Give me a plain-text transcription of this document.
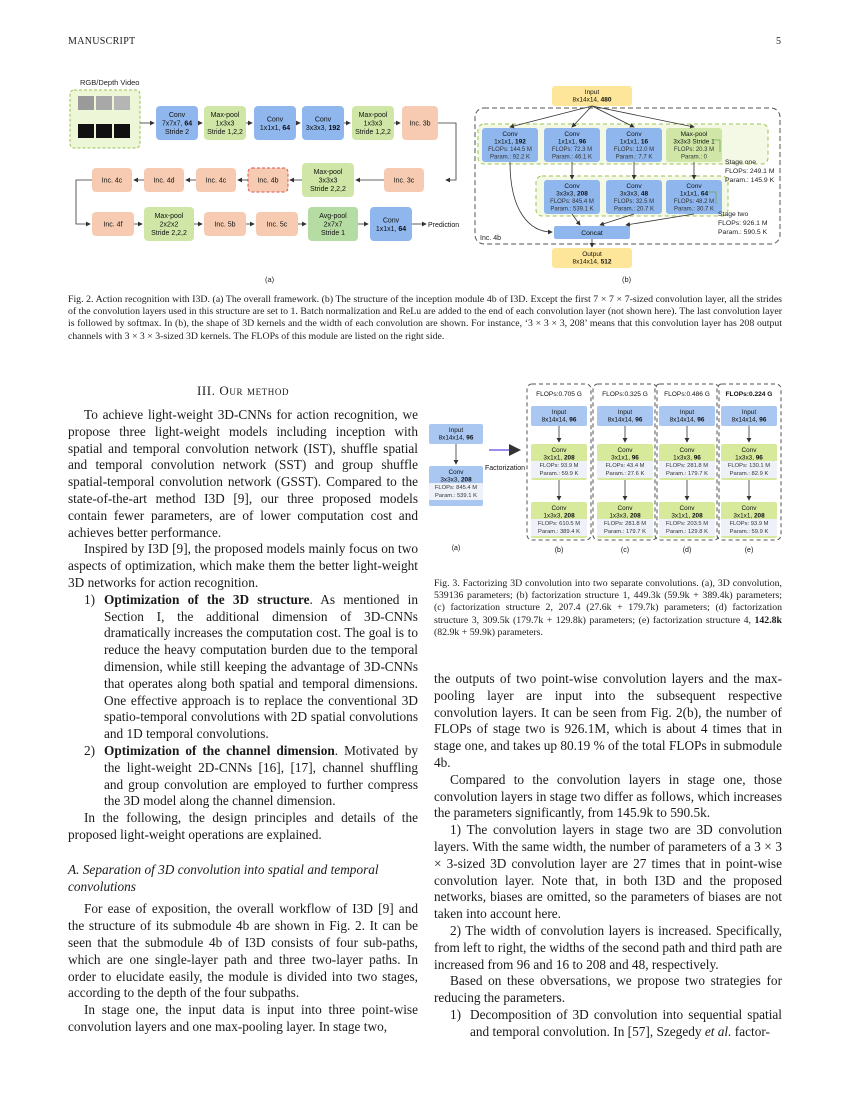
MANUSCRIPT	5
RGB/Depth Video
Conv
7x7x7, 64
Stride 2
Max-pool
1x3x3
Stride 1,2,2
Conv
1x1x1, 64
Conv
3x3x3, 192
Max-pool
1x3x3
Stride 1,2,2
Inc. 3b
Inc. 4c	Inc. 4d	Inc. 4c	Inc. 4b
Max-pool
3x3x3
Stride 2,2,2
Inc. 3c
Inc. 4f
Max-pool
2x2x2
Stride 2,2,2
Inc. 5b	Inc. 5c
Avg-pool
2x7x7
Stride 1
Conv
1x1x1, 64
Prediction
(a)
Input
8x14x14, 480
Conv
1x1x1, 192
FLOPs: 144.5 M
Param.: 92.2 K
Conv
1x1x1, 96
FLOPs: 72.3 M
Param.: 46.1 K
Conv
1x1x1, 16
FLOPs: 12.0 M
Param.: 7.7 K
Max-pool
3x3x3 Stride 1
FLOPs: 20.3 M
Param.: 0
Conv
3x3x3, 208
FLOPs: 845.4 M
Param.: 539.1 K
Conv
3x3x3, 48
FLOPs: 32.5 M
Param.: 20.7 K
Conv
1x1x1, 64
FLOPs: 48.2 M
Param.: 30.7 K
Concat
Output
8x14x14, 512
Inc. 4b
Stage one
FLOPs: 249.1 M
Param.: 145.9 K
Stage two
FLOPs: 926.1 M
Param.: 590.5 K
(b)
Fig. 2. Action recognition with I3D. (a) The overall framework. (b) The structure of the inception module 4b of I3D. Except the first 7 × 7 × 7-sized convolution layer, all the strides of the convolution layers used in this structure are set to 1. Batch normalization and ReLu are added to the end of each convolution layer (not shown here). The last convolution layer is followed by softmax. In (b), the shape of 3D kernels and the width of each convolution are shown. For instance, ‘3 × 3 × 3, 208’ means that this convolution layer has 208 output channels with 3 × 3 × 3-sized 3D kernels. The FLOPs of this module are listed on the right side.
Input
8x14x14, 96
Conv
3x3x3, 208
FLOPs: 845.4 M
Param.: 539.1 K
(a)
Factorization
FLOPs:0.705 G
Input
8x14x14, 96
Conv
3x1x1, 208
FLOPs: 93.9 M
Param.: 59.9 K
Conv
1x3x3, 208
FLOPs: 610.5 M
Param.: 389.4 K
(b)
FLOPs:0.325 G
Input
8x14x14, 96
Conv
3x1x1, 96
FLOPs: 43.4 M
Param.: 27.6 K
Conv
1x3x3, 208
FLOPs: 281.8 M
Param.: 179.7 K
(c)
FLOPs:0.486 G
Input
8x14x14, 96
Conv
1x3x3, 96
FLOPs: 281.8 M
Param.: 179.7 K
Conv
3x1x1, 208
FLOPs: 203.5 M
Param.: 129.8 K
(d)
FLOPs:0.224 G
Input
8x14x14, 96
Conv
1x3x3, 96
FLOPs: 130.1 M
Param.: 82.9 K
Conv
3x1x1, 208
FLOPs: 93.9 M
Param.: 59.9 K
(e)
Fig. 3. Factorizing 3D convolution into two separate convolutions. (a), 3D convolution, 539136 parameters; (b) factorization structure 1, 449.3k (59.9k + 389.4k) parameters; (c) factorization structure 2, 207.4 (27.6k + 179.7k) parameters; (d) factorization structure 3, 309.5k (179.7k + 129.8k) parameters; (e) factorization structure 4, 142.8k (82.9k + 59.9k) parameters.
III. Our method

To achieve light-weight 3D-CNNs for action recognition, we propose three light-weight models including inception with spatial and temporal convolution network (IST), shuffle spatial and temporal convolution network (SST) and group shuffle spatial-temporal convolution network (GSST). Compared to the state-of-the-art method I3D [9], our three proposed models contain fewer parameters, are of lower computation cost and achieves better performance.

Inspired by I3D [9], the proposed models mainly focus on two aspects of optimization, which make them the better light-weight 3D networks for action recognition.

1) Optimization of the 3D structure. As mentioned in Section I, the additional dimension of 3D-CNNs dramatically increases the computation cost. The goal is to reduce the heavy computation burden due to the temporal dimension, while still keeping the advantage of 3D-CNNs that operates along both spatial and temporal dimensions. One effective approach is to replace the conventional 3D spatio-temporal convolutions with 2D spatial convolutions and 1D temporal convolutions.
2) Optimization of the channel dimension. Motivated by the light-weight 2D-CNNs [16], [17], channel shuffling and group convolution are employed to further compress the 3D model along the channel dimension.

In the following, the design principles and details of the proposed light-weight operations are explained.

A. Separation of 3D convolution into spatial and temporal convolutions

For ease of exposition, the overall workflow of I3D [9] and the structure of its submodule 4b are shown in Fig. 2. It can be seen that the submodule 4b of I3D consists of four sub-paths, which are one single-layer path and three two-layer paths. In order to elucidate easily, the module is divided into two stages, according to the depth of the four subpaths.

In stage one, the input data is input into three point-wise convolution layers and one max-pooling layer. In stage two,

the outputs of two point-wise convolution layers and the max-pooling layer are input into the subsequent respective convolution layers. It can be seen from Fig. 2(b), the number of FLOPs of stage two is 926.1M, which is about 4 times that in stage one, and takes up 80.19 % of the total FLOPs in submodule 4b.

Compared to the convolution layers in stage one, those convolution layers in stage two differ as follows, which increases the parameters significantly, from 145.9k to 590.5k.

1) The convolution layers in stage two are 3D convolution layers. With the same width, the number of parameters of a 3 × 3 × 3-sized 3D convolution layer are 27 times that in point-wise convolution layer. Note that, in both I3D and the proposed networks, biases are omitted, so the parameters of biases are not taken into account here.

2) The width of convolution layers is increased. Specifically, from left to right, the widths of the second path and third path are increased from 96 and 16 to 208 and 48, respectively.

Based on these obversations, we propose two strategies for reducing the parameters.

1) Decomposition of 3D convolution into sequential spatial and temporal convolution. In [57], Szegedy et al. factor-
